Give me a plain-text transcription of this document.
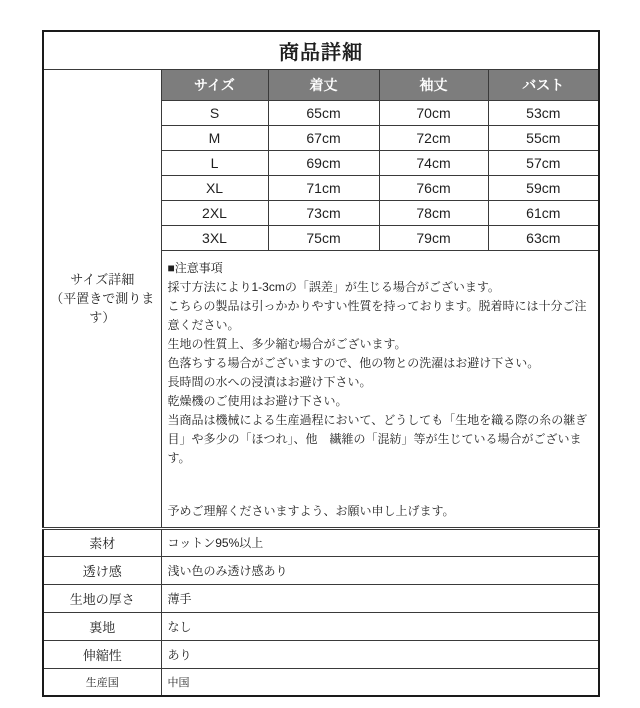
商品詳細				

サイズ詳細
（平置きで測ります）	サイズ	着丈	袖丈	バスト
	S	65cm	70cm	53cm
	M	67cm	72cm	55cm
	L	69cm	74cm	57cm
	XL	71cm	76cm	59cm
	2XL	73cm	78cm	61cm
	3XL	75cm	79cm	63cm

■注意事項
採寸方法により1-3cmの「誤差」が生じる場合がございます。
こちらの製品は引っかかりやすい性質を持っております。脱着時には十分ご注意ください。
生地の性質上、多少縮む場合がございます。
色落ちする場合がございますので、他の物との洗濯はお避け下さい。
長時間の水への浸漬はお避け下さい。
乾燥機のご使用はお避け下さい。
当商品は機械による生産過程において、どうしても「生地を織る際の糸の継ぎ目」や多少の「ほつれ」、他　繊維の「混紡」等が生じている場合がございます。
予めご理解くださいますよう、お願い申し上げます。

素材	コットン95%以上			
透け感	浅い色のみ透け感あり			
生地の厚さ	薄手			
裏地	なし			
伸縮性	あり			
生産国	中国			
